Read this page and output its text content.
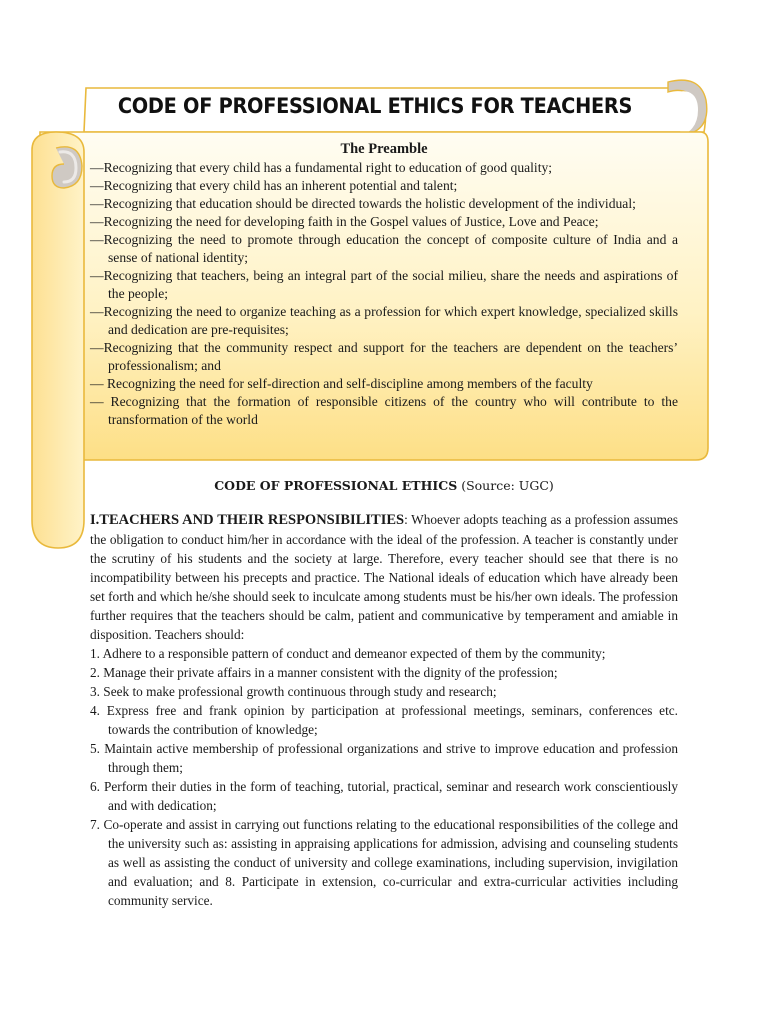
CODE OF PROFESSIONAL ETHICS FOR TEACHERS
The Preamble
—Recognizing that every child has a fundamental right to education of good quality;
—Recognizing that every child has an inherent potential and talent;
—Recognizing that education should be directed towards the holistic development of the individual;
—Recognizing the need for developing faith in the Gospel values of Justice, Love and Peace;
—Recognizing the need to promote through education the concept of composite culture of India and a sense of national identity;
—Recognizing that teachers, being an integral part of the social milieu, share the needs and aspirations of the people;
—Recognizing the need to organize teaching as a profession for which expert knowledge, specialized skills and dedication are pre-requisites;
—Recognizing that the community respect and support for the teachers are dependent on the teachers’ professionalism; and
— Recognizing the need for self-direction and self-discipline among members of the faculty
— Recognizing that the formation of responsible citizens of the country who will contribute to the transformation of the world
CODE OF PROFESSIONAL ETHICS (Source: UGC)

I.TEACHERS AND THEIR RESPONSIBILITIES: Whoever adopts teaching as a profession assumes the obligation to conduct him/her in accordance with the ideal of the profession. A teacher is constantly under the scrutiny of his students and the society at large. Therefore, every teacher should see that there is no incompatibility between his precepts and practice. The National ideals of education which have already been set forth and which he/she should seek to inculcate among students must be his/her own ideals. The profession further requires that the teachers should be calm, patient and communicative by temperament and amiable in disposition. Teachers should:

1. Adhere to a responsible pattern of conduct and demeanor expected of them by the community;
2. Manage their private affairs in a manner consistent with the dignity of the profession;
3. Seek to make professional growth continuous through study and research;
4. Express free and frank opinion by participation at professional meetings, seminars, conferences etc. towards the contribution of knowledge;
5. Maintain active membership of professional organizations and strive to improve education and profession through them;
6. Perform their duties in the form of teaching, tutorial, practical, seminar and research work conscientiously and with dedication;
7. Co-operate and assist in carrying out functions relating to the educational responsibilities of the college and the university such as: assisting in appraising applications for admission, advising and counseling students as well as assisting the conduct of university and college examinations, including supervision, invigilation and evaluation; and 8. Participate in extension, co-curricular and extra-curricular activities including community service.
